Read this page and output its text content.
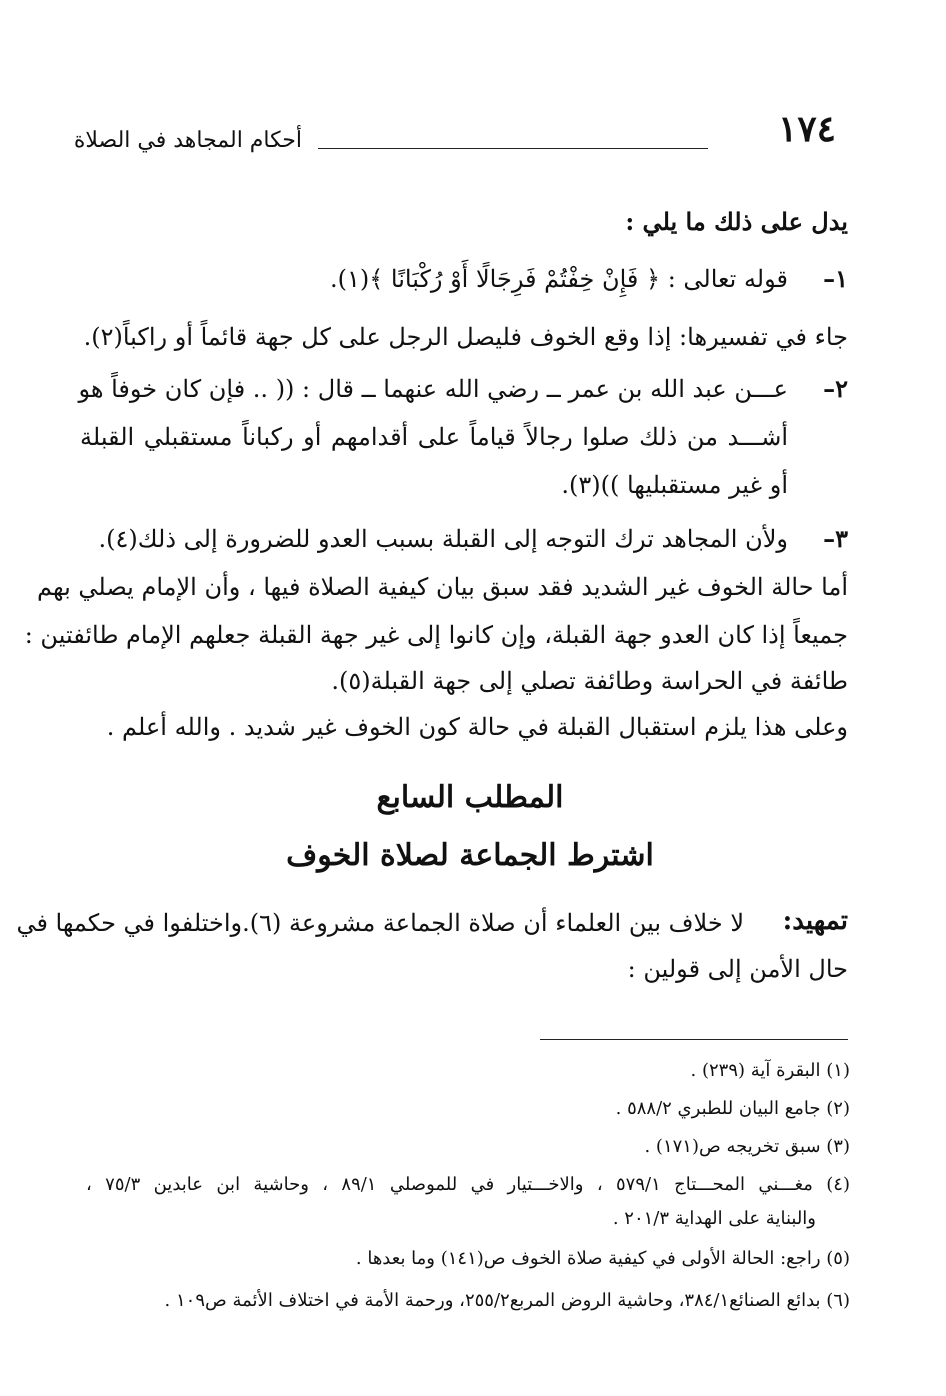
١٧٤
أحكام المجاهد في الصلاة
يدل على ذلك ما يلي :
١–
قوله تعالى : ﴿ فَإِنْ خِفْتُمْ فَرِجَالًا أَوْ رُكْبَانًا ﴾(١).
جاء في تفسيرها: إذا وقع الخوف فليصل الرجل على كل جهة قائماً أو راكباً(٢).
٢–
عـــن عبد الله بن عمر ــ رضي الله عنهما ــ قال : (( .. فإن كان خوفاً هو
أشـــد من ذلك صلوا رجالاً قياماً على أقدامهم أو ركباناً مستقبلي القبلة
أو غير مستقبليها ))(٣).
٣–
ولأن المجاهد ترك التوجه إلى القبلة بسبب العدو للضرورة إلى ذلك(٤).
أما حالة الخوف غير الشديد فقد سبق بيان كيفية الصلاة فيها ، وأن الإمام يصلي بهم
جميعاً إذا كان العدو جهة القبلة، وإن كانوا إلى غير جهة القبلة جعلهم الإمام طائفتين :
طائفة في الحراسة وطائفة تصلي إلى جهة القبلة(٥).
وعلى هذا يلزم استقبال القبلة في حالة كون الخوف غير شديد . والله أعلم .
المطلب السابع
اشترط الجماعة لصلاة الخوف
تمهيد:
لا خلاف بين العلماء أن صلاة الجماعة مشروعة (٦).واختلفوا في حكمها في
حال الأمن إلى قولين :
(١) البقرة آية (٢٣٩) .
(٢) جامع البيان للطبري ٥٨٨/٢ .
(٣) سبق تخريجه ص(١٧١) .
(٤) مغـــني المحـــتاج ٥٧٩/١ ، والاخـــتيار في للموصلي ٨٩/١ ، وحاشية ابن عابدين ٧٥/٣ ،
والبناية على الهداية ٢٠١/٣ .
(٥) راجع: الحالة الأولى في كيفية صلاة الخوف ص(١٤١) وما بعدها .
(٦) بدائع الصنائع٣٨٤/١، وحاشية الروض المربع٢٥٥/٢، ورحمة الأمة في اختلاف الأئمة ص١٠٩ .
